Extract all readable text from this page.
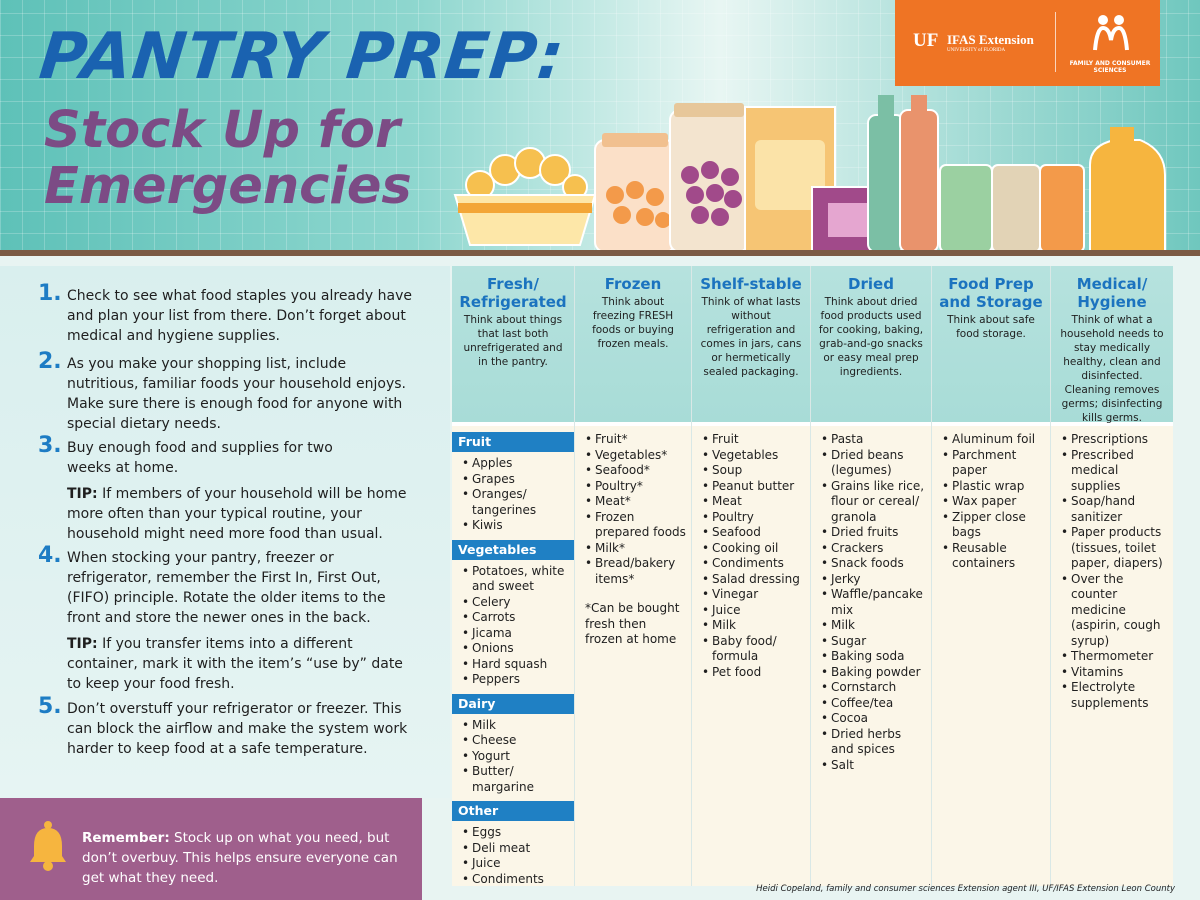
PANTRY PREP:
Stock Up for Emergencies
UF IFAS Extension
UNIVERSITY of FLORIDA
FAMILY AND CONSUMER SCIENCES
1. Check to see what food staples you already have and plan your list from there. Don’t forget about medical and hygiene supplies.
2. As you make your shopping list, include nutritious, familiar foods your household enjoys. Make sure there is enough food for anyone with special dietary needs.
3. Buy enough food and supplies for two weeks at home.
TIP: If members of your household will be home more often than your typical routine, your household might need more food than usual.
4. When stocking your pantry, freezer or refrigerator, remember the First In, First Out, (FIFO) principle. Rotate the older items to the front and store the newer ones in the back.
TIP: If you transfer items into a different container, mark it with the item’s “use by” date to keep your food fresh.
5. Don’t overstuff your refrigerator or freezer. This can block the airflow and make the system work harder to keep food at a safe temperature.
Remember: Stock up on what you need, but don’t overbuy. This helps ensure everyone can get what they need.
Fresh/ Refrigerated
Think about things that last both unrefrigerated and in the pantry.
Fruit
• Apples
• Grapes
• Oranges/ tangerines
• Kiwis
Vegetables
• Potatoes, white and sweet
• Celery
• Carrots
• Jicama
• Onions
• Hard squash
• Peppers
Dairy
• Milk
• Cheese
• Yogurt
• Butter/ margarine
Other
• Eggs
• Deli meat
• Juice
• Condiments
Frozen
Think about freezing FRESH foods or buying frozen meals.
• Fruit*
• Vegetables*
• Seafood*
• Poultry*
• Meat*
• Frozen prepared foods
• Milk*
• Bread/bakery items*
*Can be bought fresh then frozen at home
Shelf-stable
Think of what lasts without refrigeration and comes in jars, cans or hermetically sealed packaging.
• Fruit
• Vegetables
• Soup
• Peanut butter
• Meat
• Poultry
• Seafood
• Cooking oil
• Condiments
• Salad dressing
• Vinegar
• Juice
• Milk
• Baby food/ formula
• Pet food
Dried
Think about dried food products used for cooking, baking, grab-and-go snacks or easy meal prep ingredients.
• Pasta
• Dried beans (legumes)
• Grains like rice, flour or cereal/ granola
• Dried fruits
• Crackers
• Snack foods
• Jerky
• Waffle/pancake mix
• Milk
• Sugar
• Baking soda
• Baking powder
• Cornstarch
• Coffee/tea
• Cocoa
• Dried herbs and spices
• Salt
Food Prep and Storage
Think about safe food storage.
• Aluminum foil
• Parchment paper
• Plastic wrap
• Wax paper
• Zipper close bags
• Reusable containers
Medical/ Hygiene
Think of what a household needs to stay medically healthy, clean and disinfected. Cleaning removes germs; disinfecting kills germs.
• Prescriptions
• Prescribed medical supplies
• Soap/hand sanitizer
• Paper products (tissues, toilet paper, diapers)
• Over the counter medicine (aspirin, cough syrup)
• Thermometer
• Vitamins
• Electrolyte supplements
Heidi Copeland, family and consumer sciences Extension agent III, UF/IFAS Extension Leon County
